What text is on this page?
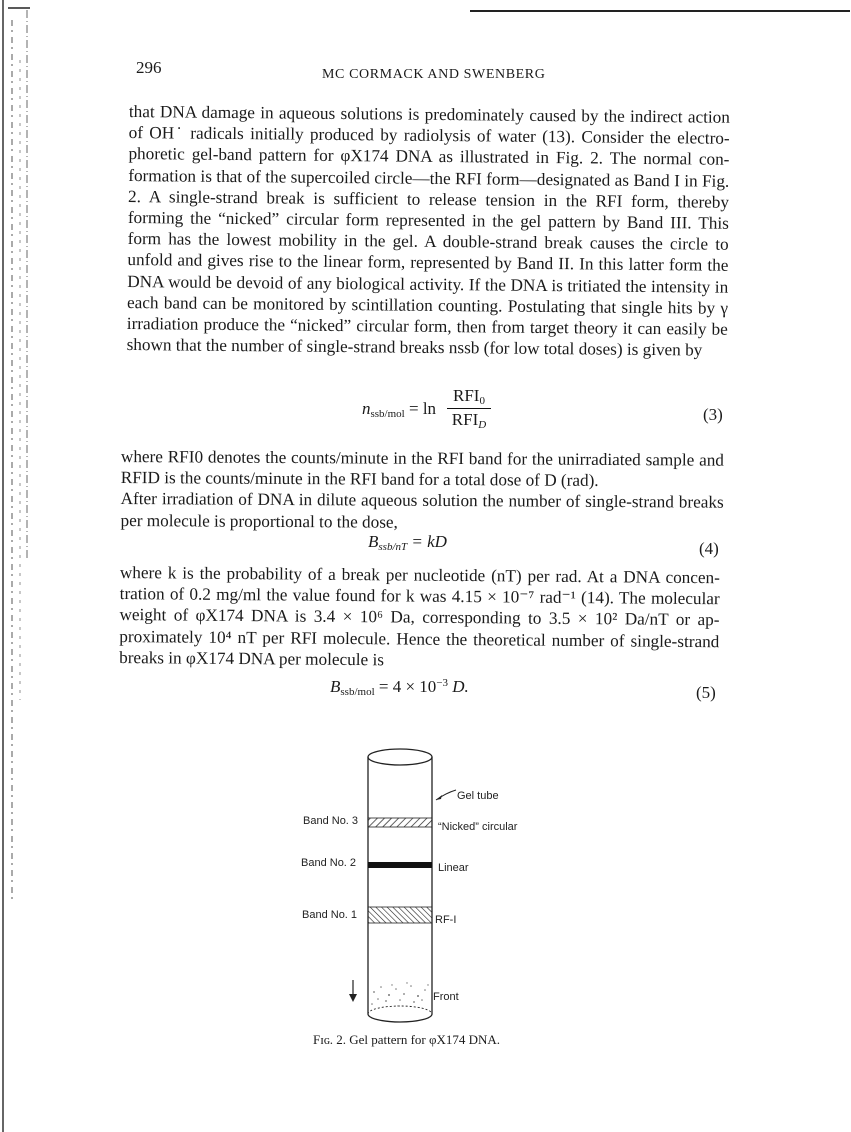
296	MC CORMACK AND SWENBERG

that DNA damage in aqueous solutions is predominately caused by the indirect action of OH˙ radicals initially produced by radiolysis of water (13). Consider the electro-phoretic gel-band pattern for φX174 DNA as illustrated in Fig. 2. The normal con-formation is that of the supercoiled circle—the RFI form—designated as Band I in Fig. 2. A single-strand break is sufficient to release tension in the RFI form, thereby forming the “nicked” circular form represented in the gel pattern by Band III. This form has the lowest mobility in the gel. A double-strand break causes the circle to unfold and gives rise to the linear form, represented by Band II. In this latter form the DNA would be devoid of any biological activity. If the DNA is tritiated the intensity in each band can be monitored by scintillation counting. Postulating that single hits by γ irradiation produce the “nicked” circular form, then from target theory it can easily be shown that the number of single-strand breaks nssb (for low total doses) is given by

$n_{ssb/mol} = \ln$
$RFI_0$
$RFI_D$
(3)

where RFI0 denotes the counts/minute in the RFI band for the unirradiated sample and RFID is the counts/minute in the RFI band for a total dose of D (rad).
After irradiation of DNA in dilute aqueous solution the number of single-strand breaks per molecule is proportional to the dose,

$B_{ssb/nT}$ = kD	(4)

where k is the probability of a break per nucleotide (nT) per rad. At a DNA concen-tration of 0.2 mg/ml the value found for k was 4.15 × 10⁻⁷ rad⁻¹ (14). The molecular weight of φX174 DNA is 3.4 × 10⁶ Da, corresponding to 3.5 × 10² Da/nT or ap-proximately 10⁴ nT per RFI molecule. Hence the theoretical number of single-strand breaks in φX174 DNA per molecule is

$B_{ssb/mol} = 4 \times 10^{-3}$ D.	(5)
Gel tube
Band No. 3	“Nicked” circular
Band No. 2	Linear
Band No. 1	RF-I
Front
Fɪɢ. 2. Gel pattern for φX174 DNA.
